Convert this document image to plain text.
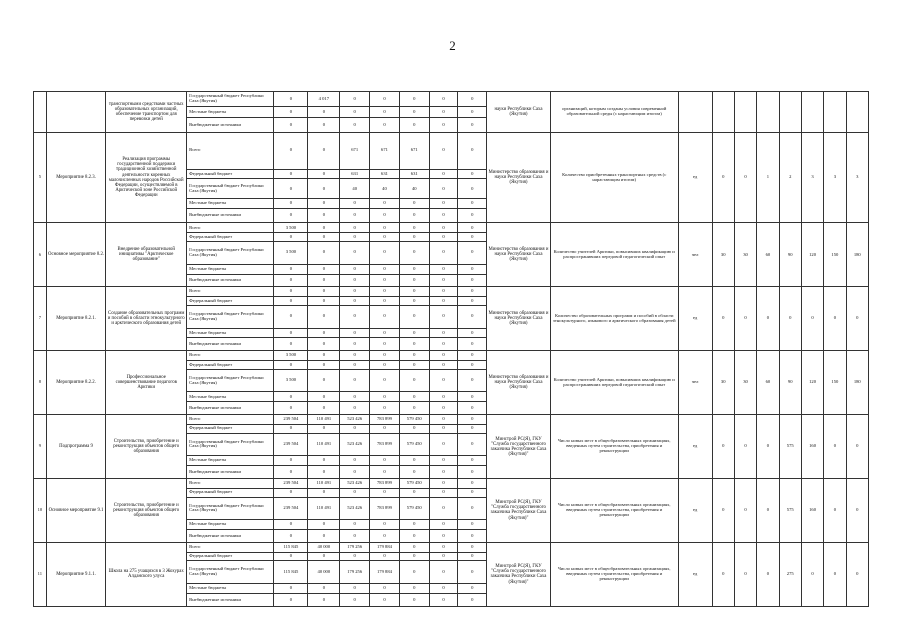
2
		транспортными средствами частных образовательных организаций, обеспечение транспортом для перевозки детей	Государственный бюджет Республики Саха (Якутия)	0	4 017	0	0	0	0	0	науки Республики Саха (Якутия)	организаций, которым созданы условия современной образовательной среды (с нарастающим итогом)								
			Местные бюджеты	0	0	0	0	0	0	0										
			Внебюджетные источники	0	0	0	0	0	0	0										
5	Мероприятие 8.2.3.	Реализация программы государственной поддержки традиционной хозяйственной деятельности коренных малочисленных народов Российской Федерации, осуществляемой в Арктической зоне Российской Федерации	Всего	0	0	671	671	671	0	0	Министерство образования и науки Республики Саха (Якутия)	Количество приобретенных транспортных средств (с нарастающим итогом)	ед	0	0	1	2	3	3	3
			Федеральный бюджет	0	0	631	631	631	0	0										
			Государственный бюджет Республики Саха (Якутия)	0	0	40	40	40	0	0										
			Местные бюджеты	0	0	0	0	0	0	0										
			Внебюджетные источники	0	0	0	0	0	0	0										
6	Основное мероприятие 8.2.	Внедрение образовательной инициативы "Арктическое образование"	Всего	3 500	0	0	0	0	0	0	Министерство образования и науки Республики Саха (Якутия)	Количество учителей Арктики, повысивших квалификацию и распространивших передовой педагогический опыт	чел	30	30	60	90	120	150	180
			Федеральный бюджет	0	0	0	0	0	0	0										
			Государственный бюджет Республики Саха (Якутия)	3 500	0	0	0	0	0	0										
			Местные бюджеты	0	0	0	0	0	0	0										
			Внебюджетные источники	0	0	0	0	0	0	0										
7	Мероприятие 8.2.1.	Создание образовательных программ и пособий в области этнокультурного и арктического образования детей	Всего	0	0	0	0	0	0	0	Министерство образования и науки Республики Саха (Якутия)	Количество образовательных программ и пособий в области этнокультурного, языкового и арктического образования детей	ед	0	0	0	0	0	0	0
			Федеральный бюджет	0	0	0	0	0	0	0										
			Государственный бюджет Республики Саха (Якутия)	0	0	0	0	0	0	0										
			Местные бюджеты	0	0	0	0	0	0	0										
			Внебюджетные источники	0	0	0	0	0	0	0										
8	Мероприятие 8.2.2.	Профессиональное совершенствование педагогов Арктики	Всего	3 500	0	0	0	0	0	0	Министерство образования и науки Республики Саха (Якутия)	Количество учителей Арктики, повысивших квалификацию и распространивших передовой педагогический опыт	чел	30	30	60	90	120	150	180
			Федеральный бюджет	0	0	0	0	0	0	0										
			Государственный бюджет Республики Саха (Якутия)	3 500	0	0	0	0	0	0										
			Местные бюджеты	0	0	0	0	0	0	0										
			Внебюджетные источники	0	0	0	0	0	0	0										
9	Подпрограмма 9	Строительство, приобретение и реконструкция объектов общего образования	Всего	239 504	110 491	523 426	783 899	579 450	0	0	Минстрой РС(Я), ГКУ "Служба государственного заказчика Республики Саха (Якутия)"	Число новых мест в общеобразовательных организациях, введенных путем строительства, приобретения и реконструкции	ед	0	0	0	575	160	0	0
			Федеральный бюджет	0	0	0	0	0	0	0										
			Государственный бюджет Республики Саха (Якутия)	239 504	110 491	523 426	783 899	579 450	0	0										
			Местные бюджеты	0	0	0	0	0	0	0										
			Внебюджетные источники	0	0	0	0	0	0	0										
10	Основное мероприятие 9.1	Строительство, приобретение и реконструкция объектов общего образования	Всего	239 504	110 491	523 426	783 899	579 450	0	0	Минстрой РС(Я), ГКУ "Служба государственного заказчика Республики Саха (Якутия)"	Число новых мест в общеобразовательных организациях, введенных путем строительства, приобретения и реконструкции	ед	0	0	0	575	160	0	0
			Федеральный бюджет	0	0	0	0	0	0	0										
			Государственный бюджет Республики Саха (Якутия)	239 504	110 491	523 426	783 899	579 450	0	0										
			Местные бюджеты	0	0	0	0	0	0	0										
			Внебюджетные источники	0	0	0	0	0	0	0										
11	Мероприятие 9.1.1.	Школа на 275 учащихся в 3 Жохурах Алданского улуса	Всего	115 845	40 000	179 256	179 884	0	0	0	Минстрой РС(Я), ГКУ "Служба государственного заказчика Республики Саха (Якутия)"	Число новых мест в общеобразовательных организациях, введенных путем строительства, приобретения и реконструкции	ед	0	0	0	275	0	0	0
			Федеральный бюджет	0	0	0	0	0	0	0										
			Государственный бюджет Республики Саха (Якутия)	115 845	40 000	179 256	179 884	0	0	0										
			Местные бюджеты	0	0	0	0	0	0	0										
			Внебюджетные источники	0	0	0	0	0	0	0										
